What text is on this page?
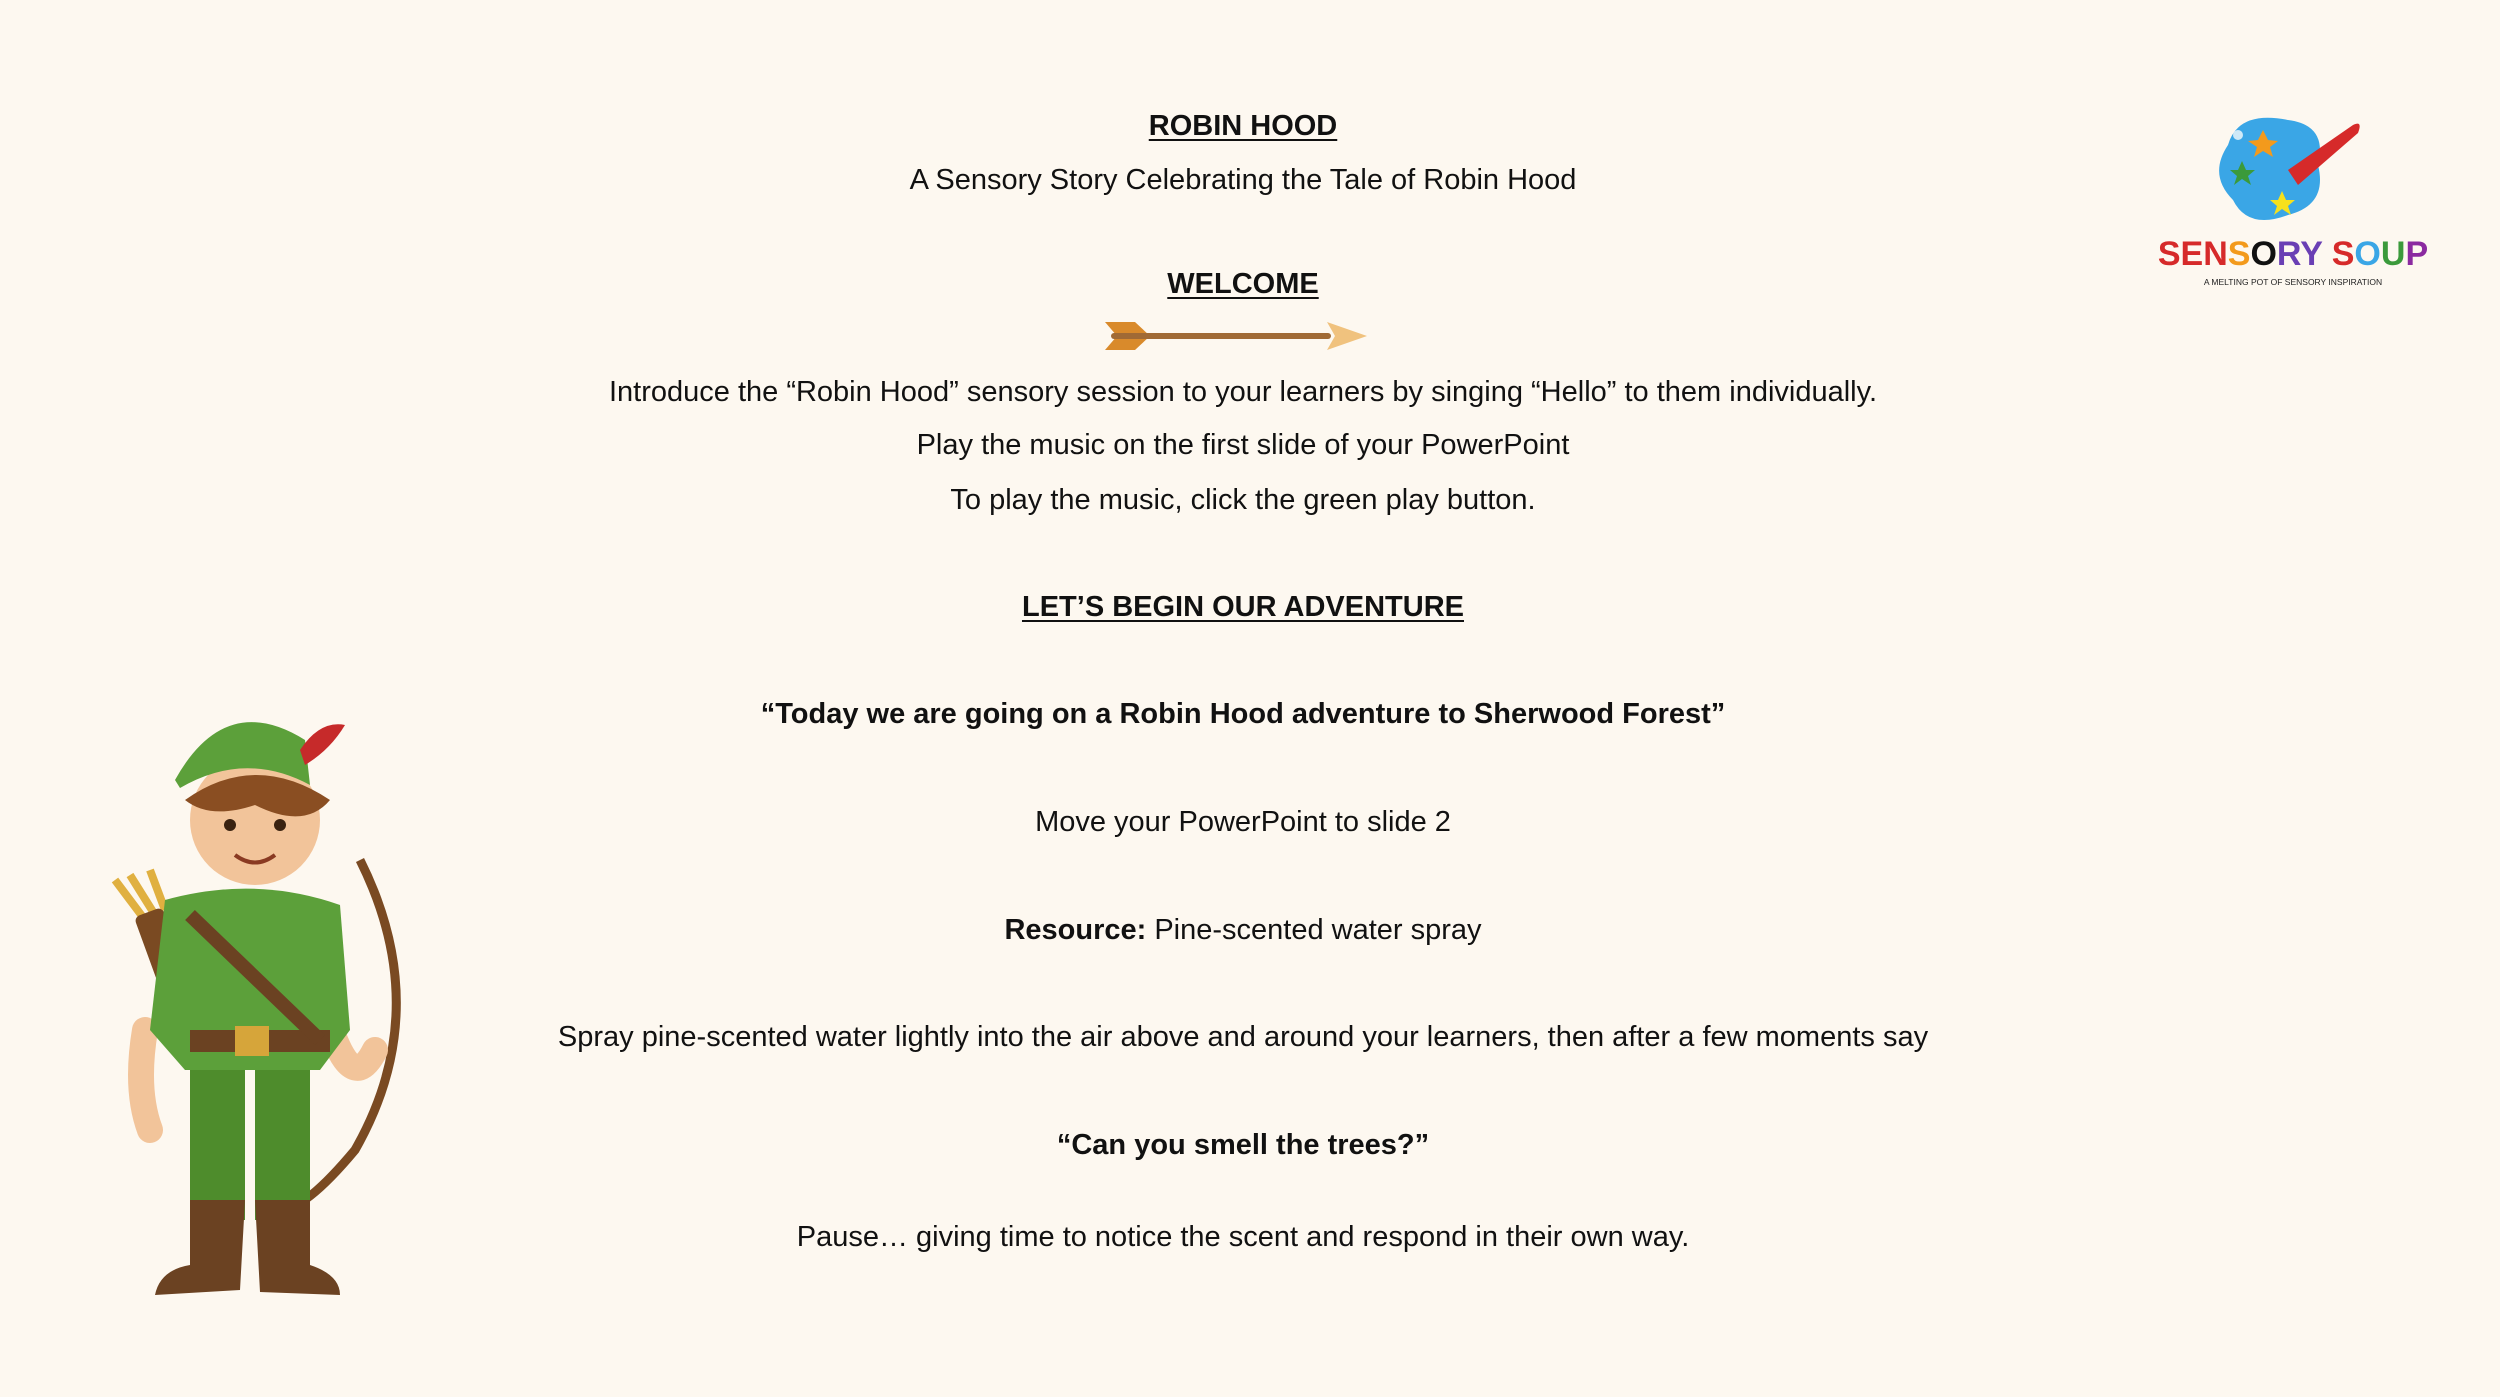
ROBIN HOOD
A Sensory Story Celebrating the Tale of Robin Hood
WELCOME
Introduce the “Robin Hood” sensory session to your learners by singing “Hello” to them individually.
Play the music on the first slide of your PowerPoint
To play the music, click the green play button.
LET’S BEGIN OUR ADVENTURE
“Today we are going on a Robin Hood adventure to Sherwood Forest”
Move your PowerPoint to slide 2
Resource: Pine-scented water spray
Spray pine-scented water lightly into the air above and around your learners, then after a few moments say
“Can you smell the trees?”
Pause… giving time to notice the scent and respond in their own way.
SENSORY SOUP
A MELTING POT OF SENSORY INSPIRATION
